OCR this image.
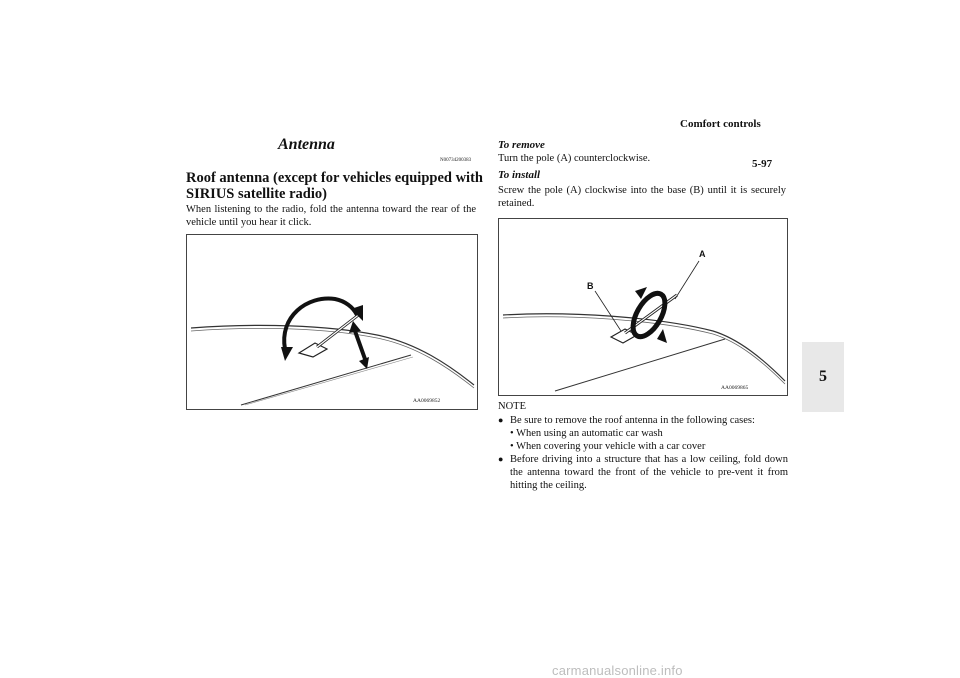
Comfort controls
5-97
5
Antenna
N00734200383
Roof antenna (except for vehicles equipped with SIRIUS satellite radio)
When listening to the radio, fold the antenna toward the rear of the vehicle until you hear it click.
AA0069852
To remove
Turn the pole (A) counterclockwise.
To install
Screw the pole (A) clockwise into the base (B) until it is securely retained.
B
A
AA0069865
NOTE
● Be sure to remove the roof antenna in the following cases:
• When using an automatic car wash
• When covering your vehicle with a car cover
● Before driving into a structure that has a low ceiling, fold down the antenna toward the front of the vehicle to pre-vent it from hitting the ceiling.
carmanualsonline.info
